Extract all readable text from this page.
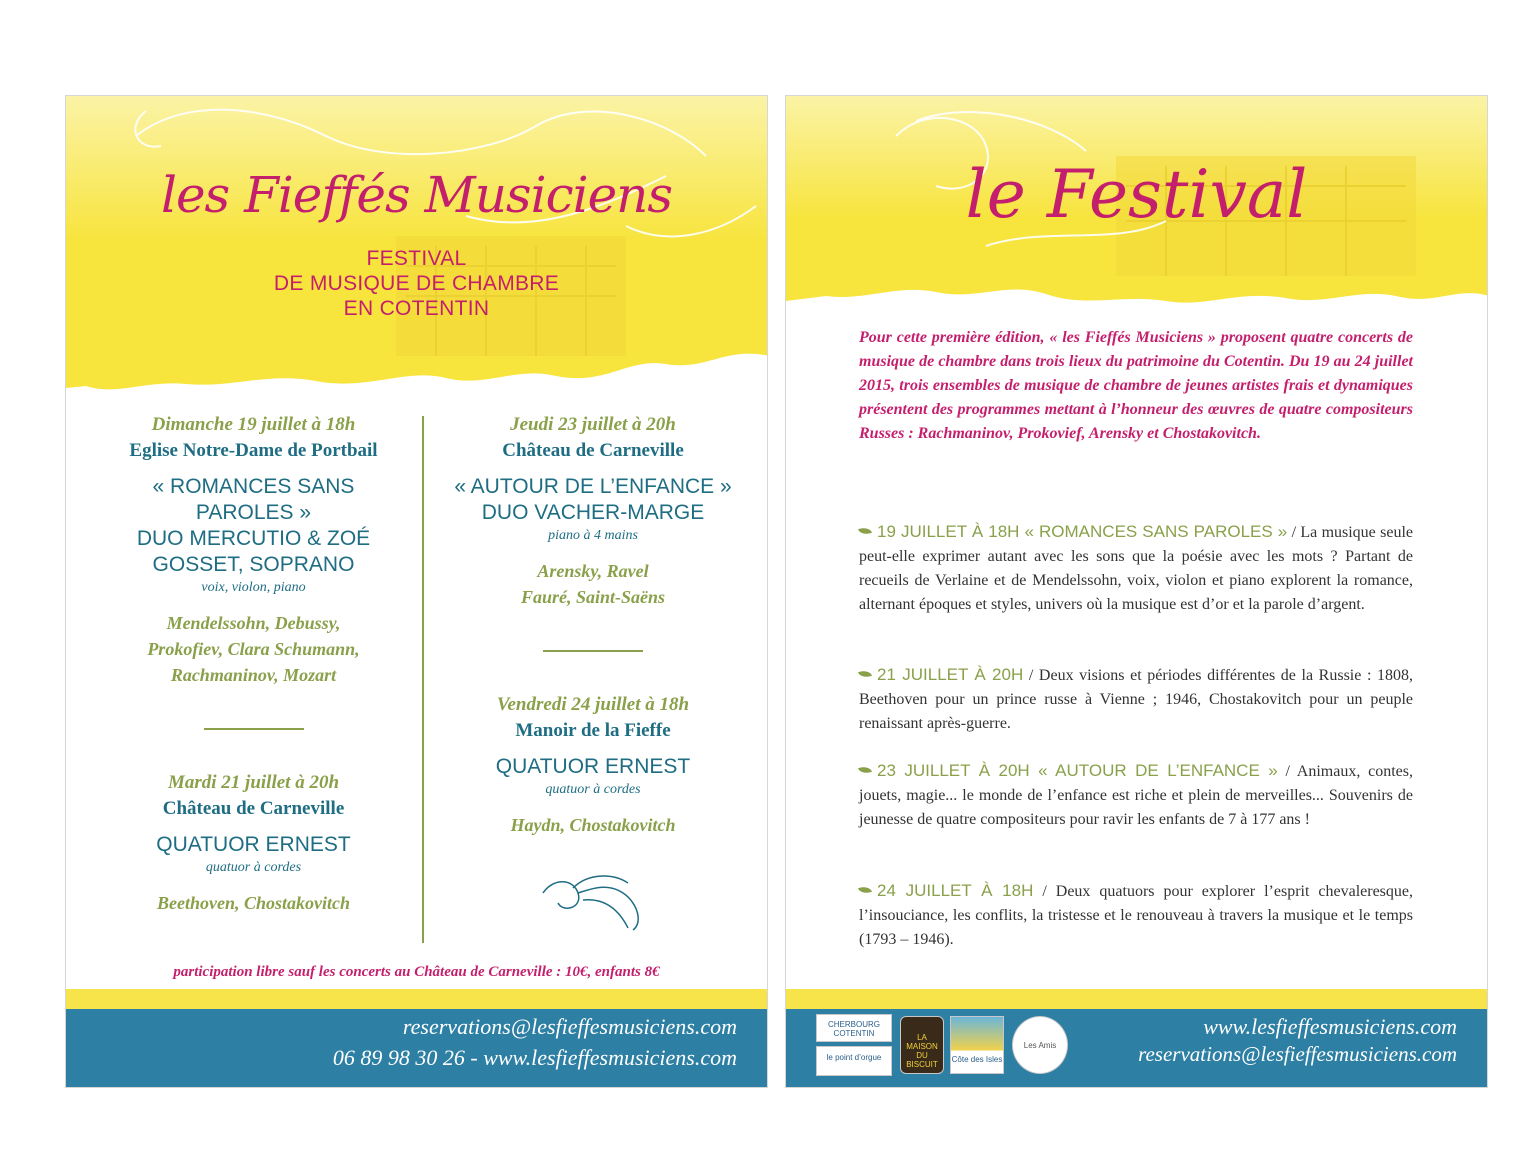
les Fieffés Musiciens
FESTIVAL
DE MUSIQUE DE CHAMBRE
EN COTENTIN
Dimanche 19 juillet à 18h
Eglise Notre-Dame de Portbail
« ROMANCES SANS
PAROLES »
DUO MERCUTIO & ZOÉ
GOSSET, SOPRANO
voix, violon, piano
Mendelssohn, Debussy,
Prokofiev, Clara Schumann,
Rachmaninov, Mozart
Mardi 21 juillet à 20h
Château de Carneville
QUATUOR ERNEST
quatuor à cordes
Beethoven, Chostakovitch
Jeudi 23 juillet à 20h
Château de Carneville
« AUTOUR DE L’ENFANCE »
DUO VACHER-MARGE
piano à 4 mains
Arensky, Ravel
Fauré, Saint-Saëns
Vendredi 24 juillet à 18h
Manoir de la Fieffe
QUATUOR ERNEST
quatuor à cordes
Haydn, Chostakovitch
participation libre sauf les concerts au Château de Carneville : 10€, enfants 8€
reservations@lesfieffesmusiciens.com
06 89 98 30 26 - www.lesfieffesmusiciens.com
le Festival
Pour cette première édition, « les Fieffés Musiciens » proposent quatre concerts de musique de chambre dans trois lieux du patrimoine du Cotentin. Du 19 au 24 juillet 2015, trois ensembles de musique de chambre de jeunes artistes frais et dynamiques présentent des programmes mettant à l’honneur des œuvres de quatre compositeurs Russes : Rachmaninov, Prokovief, Arensky et Chostakovitch.
19 JUILLET À 18H « ROMANCES SANS PAROLES » / La musique seule peut-elle exprimer autant avec les sons que la poésie avec les mots ? Partant de recueils de Verlaine et de Mendelssohn, voix, violon et piano explorent la romance, alternant époques et styles, univers où la musique est d’or et la parole d’argent.
21 JUILLET À 20H / Deux visions et périodes différentes de la Russie : 1808, Beethoven pour un prince russe à Vienne ; 1946, Chostakovitch pour un peuple renaissant après-guerre.
23 JUILLET À 20H « AUTOUR DE L’ENFANCE » / Animaux, contes, jouets, magie... le monde de l’enfance est riche et plein de merveilles... Souvenirs de jeunesse de quatre compositeurs pour ravir les enfants de 7 à 177 ans !
24 JUILLET À 18H / Deux quatuors pour explorer l’esprit chevaleresque, l’insouciance, les conflits, la tristesse et le renouveau à travers la musique et le temps (1793 – 1946).
CHERBOURG COTENTIN
le point d’orgue
LA MAISON DU BISCUIT
Côte des Isles
Les Amis
www.lesfieffesmusiciens.com
reservations@lesfieffesmusiciens.com
